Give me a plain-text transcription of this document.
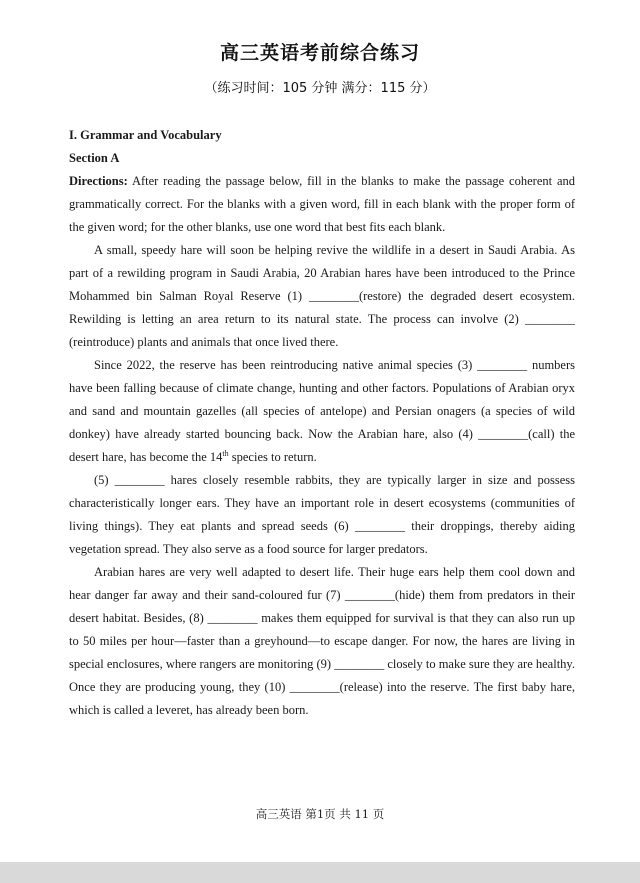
高三英语考前综合练习
（练习时间：105 分钟 满分：115 分）

I. Grammar and Vocabulary

Section A

Directions: After reading the passage below, fill in the blanks to make the passage coherent and grammatically correct. For the blanks with a given word, fill in each blank with the proper form of the given word; for the other blanks, use one word that best fits each blank.

A small, speedy hare will soon be helping revive the wildlife in a desert in Saudi Arabia. As part of a rewilding program in Saudi Arabia, 20 Arabian hares have been introduced to the Prince Mohammed bin Salman Royal Reserve (1) ________(restore) the degraded desert ecosystem. Rewilding is letting an area return to its natural state. The process can involve (2) ________ (reintroduce) plants and animals that once lived there.

Since 2022, the reserve has been reintroducing native animal species (3) ________ numbers have been falling because of climate change, hunting and other factors. Populations of Arabian oryx and sand and mountain gazelles (all species of antelope) and Persian onagers (a species of wild donkey) have already started bouncing back. Now the Arabian hare, also (4) ________(call) the desert hare, has become the 14th species to return.

(5) ________ hares closely resemble rabbits, they are typically larger in size and possess characteristically longer ears. They have an important role in desert ecosystems (communities of living things). They eat plants and spread seeds (6) ________ their droppings, thereby aiding vegetation spread. They also serve as a food source for larger predators.

Arabian hares are very well adapted to desert life. Their huge ears help them cool down and hear danger far away and their sand-coloured fur (7) ________(hide) them from predators in their desert habitat. Besides, (8) ________ makes them equipped for survival is that they can also run up to 50 miles per hour—faster than a greyhound—to escape danger. For now, the hares are living in special enclosures, where rangers are monitoring (9) ________ closely to make sure they are healthy. Once they are producing young, they (10) ________(release) into the reserve. The first baby hare, which is called a leveret, has already been born.

高三英语 第1页 共 11 页
